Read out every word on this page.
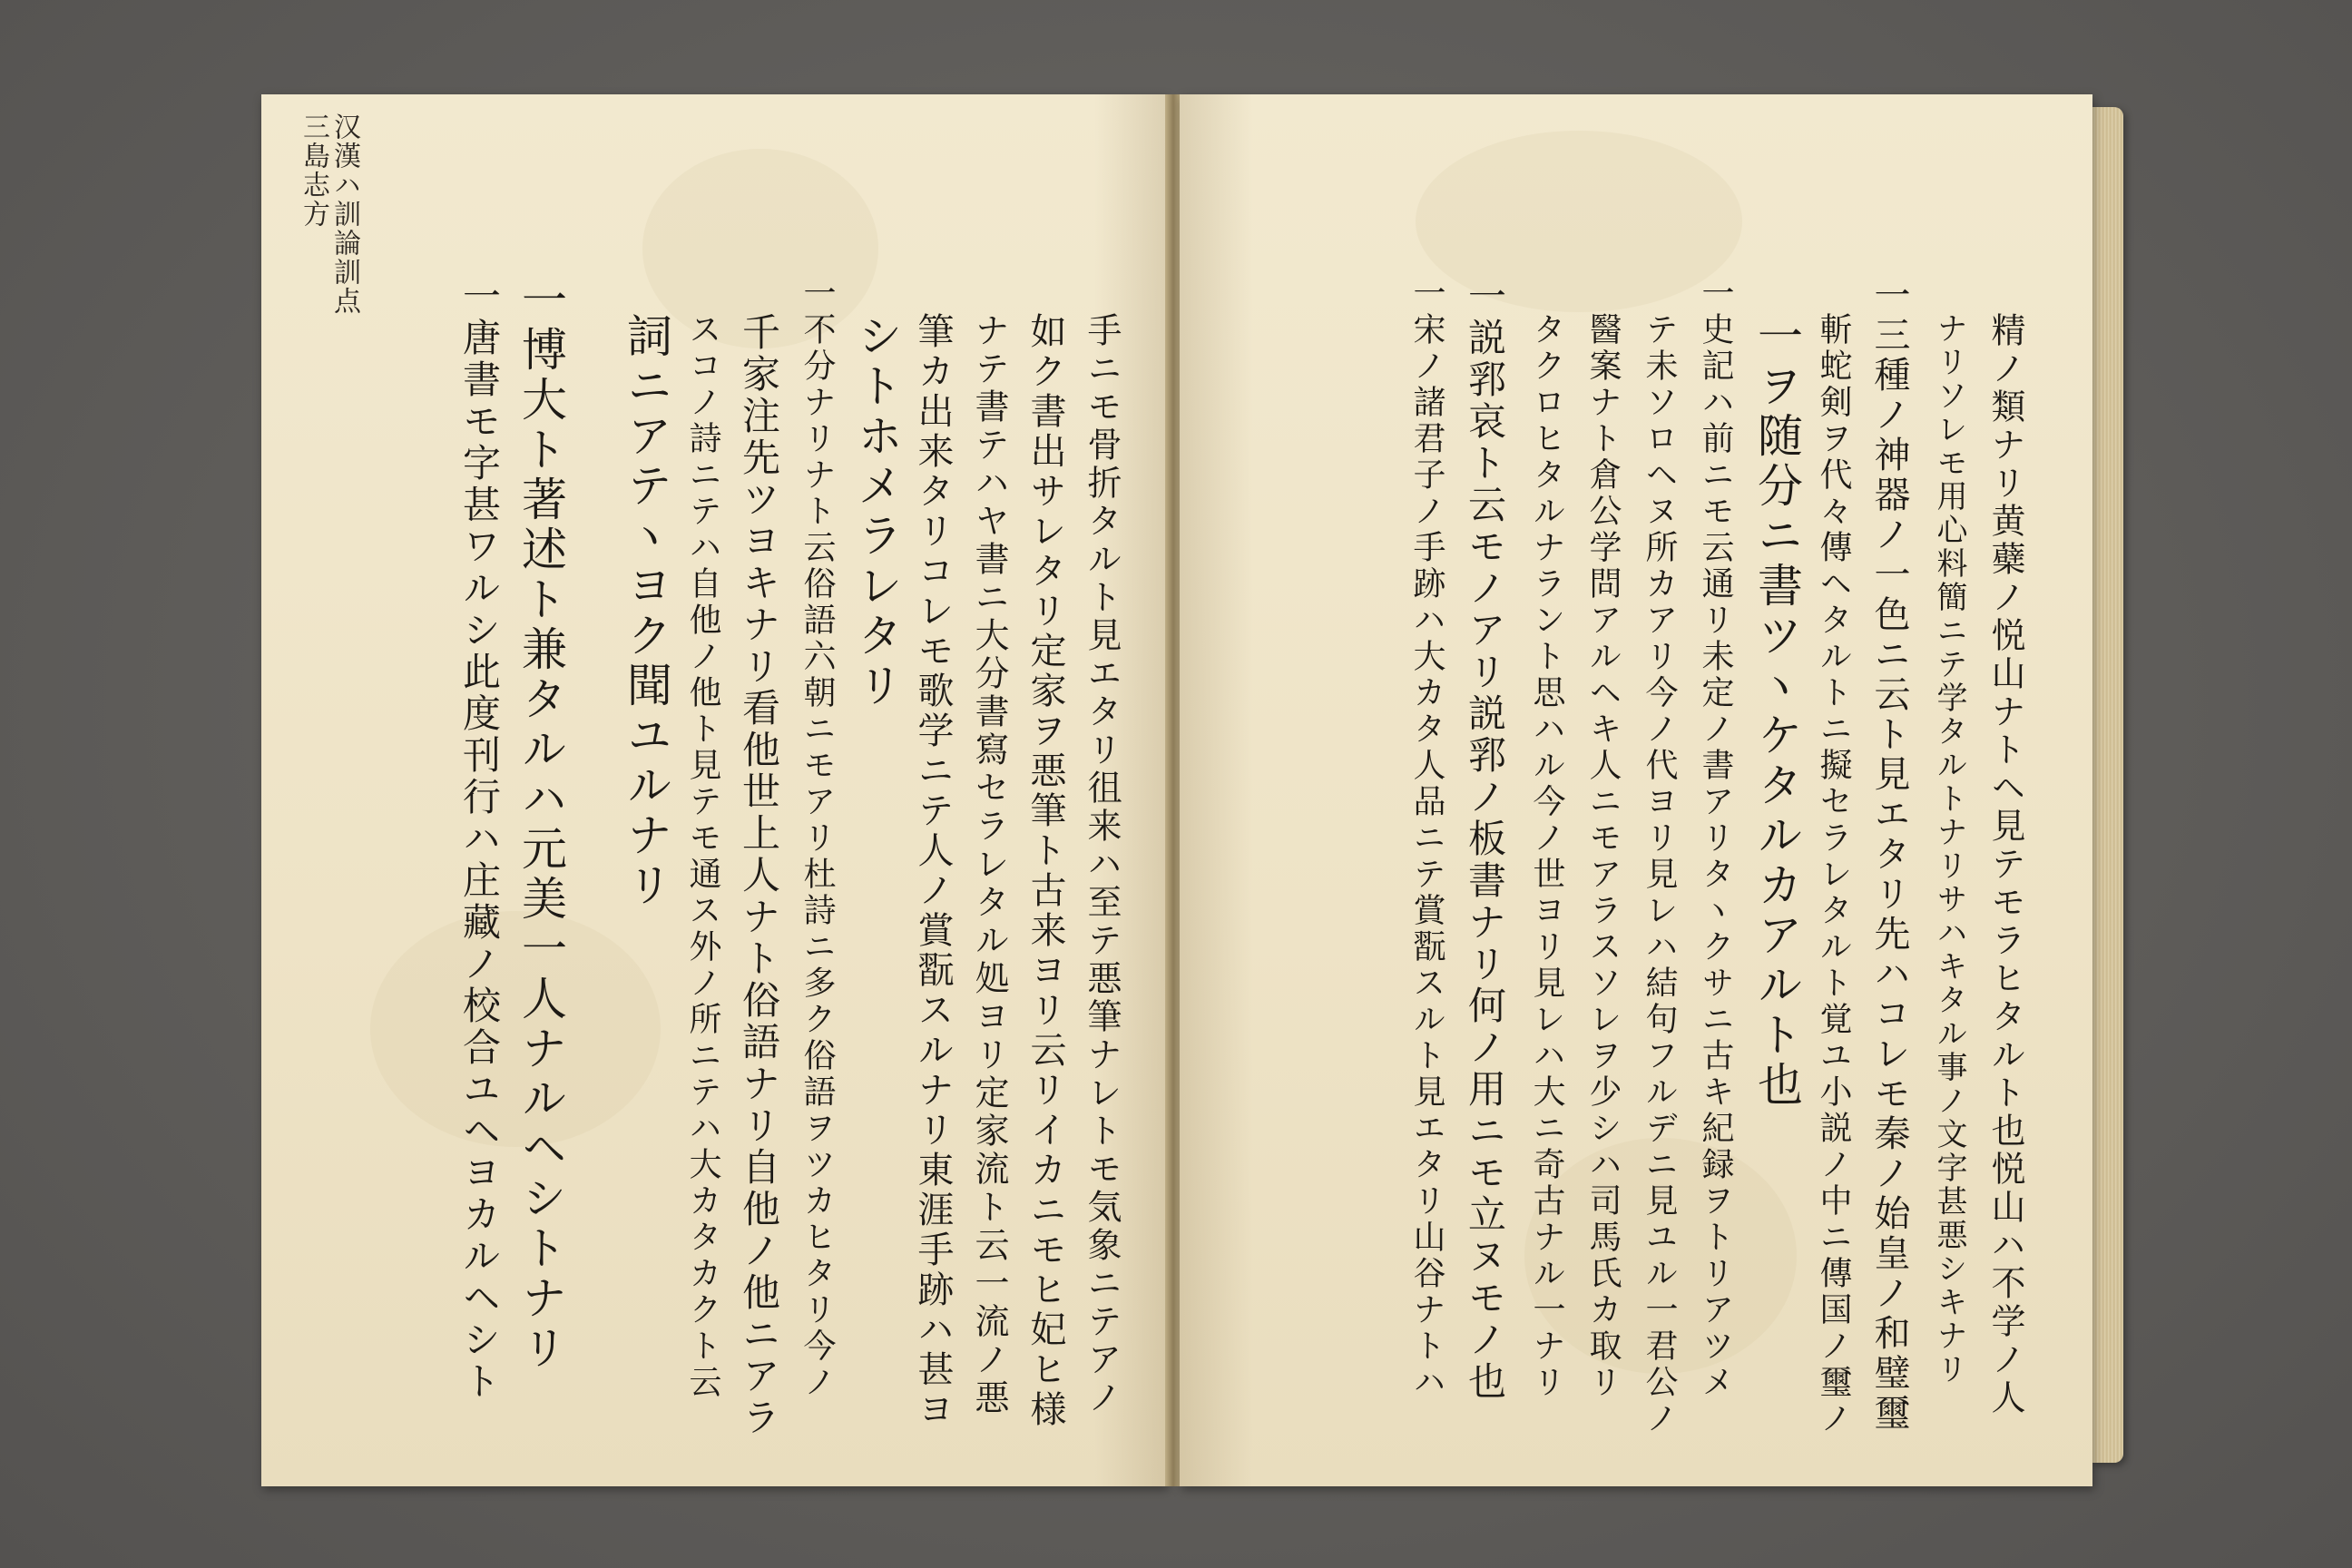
汉漢ハ訓論訓点
三島志方
手ニモ骨折タルト見エタリ徂来ハ至テ悪筆ナレトモ気象ニテアノ
如ク書出サレタリ定家ヲ悪筆ト古来ヨリ云リイカニモヒ妃ヒ様
ナテ書テハヤ書ニ大分書寫セラレタル処ヨリ定家流ト云一流ノ悪
筆カ出来タリコレモ歌学ニテ人ノ賞翫スルナリ東涯手跡ハ甚ヨ
シトホメラレタリ
一不分ナリナト云俗語六朝ニモアリ杜詩ニ多ク俗語ヲツカヒタリ今ノ
千家注先ツヨキナリ看他世上人ナト俗語ナリ自他ノ他ニアラ
スコノ詩ニテハ自他ノ他ト見テモ通ス外ノ所ニテハ大カタカクト云
詞ニアテヽヨク聞ユルナリ
一博大ト著述ト兼タルハ元美一人ナルヘシトナリ
一唐書モ字甚ワルシ此度刊行ハ庄藏ノ校合ユヘヨカルヘシト	精ノ類ナリ黄蘗ノ悦山ナトヘ見テモラヒタルト也悦山ハ不学ノ人
ナリソレモ用心料簡ニテ学タルトナリサハキタル事ノ文字甚悪シキナリ
一三種ノ神器ノ一色ニ云ト見エタリ先ハコレモ秦ノ始皇ノ和璧璽
斬蛇剣ヲ代々傳ヘタルトニ擬セラレタルト覚ユ小説ノ中ニ傳国ノ璽ノ
一ヲ随分ニ書ツヽケタルカアルト也
一史記ハ前ニモ云通リ未定ノ書アリタヽクサニ古キ紀録ヲトリアツメ
テ未ソロヘヌ所カアリ今ノ代ヨリ見レハ結句フルデニ見ユル一君公ノ
醫案ナト倉公学問アルヘキ人ニモアラスソレヲ少シハ司馬氏カ取リ
タクロヒタルナラント思ハル今ノ世ヨリ見レハ大ニ奇古ナル一ナリ
一説郛哀ト云モノアリ説郛ノ板書ナリ何ノ用ニモ立ヌモノ也
一宋ノ諸君子ノ手跡ハ大カタ人品ニテ賞翫スルト見エタリ山谷ナトハ
